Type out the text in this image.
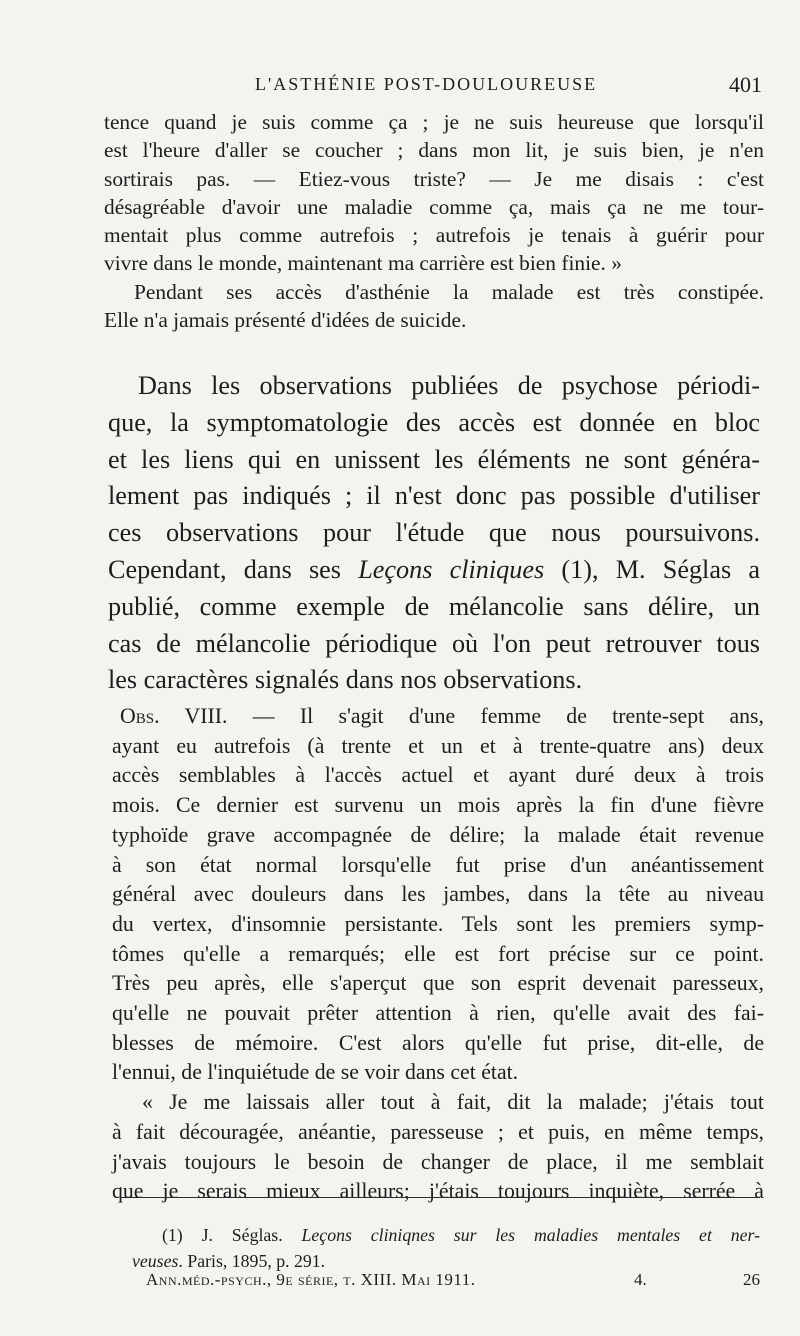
L'ASTHÉNIE POST-DOULOUREUSE	401
tence quand je suis comme ça ; je ne suis heureuse que lorsqu'il
est l'heure d'aller se coucher ; dans mon lit, je suis bien, je n'en
sortirais pas. — Etiez-vous triste? — Je me disais : c'est
désagréable d'avoir une maladie comme ça, mais ça ne me tour-
mentait plus comme autrefois ; autrefois je tenais à guérir pour
vivre dans le monde, maintenant ma carrière est bien finie. »
Pendant ses accès d'asthénie la malade est très constipée.
Elle n'a jamais présenté d'idées de suicide.
Dans les observations publiées de psychose périodi-
que, la symptomatologie des accès est donnée en bloc
et les liens qui en unissent les éléments ne sont généra-
lement pas indiqués ; il n'est donc pas possible d'utiliser
ces observations pour l'étude que nous poursuivons.
Cependant, dans ses Leçons cliniques (1), M. Séglas a
publié, comme exemple de mélancolie sans délire, un
cas de mélancolie périodique où l'on peut retrouver tous
les caractères signalés dans nos observations.
Obs. VIII. — Il s'agit d'une femme de trente-sept ans,
ayant eu autrefois (à trente et un et à trente-quatre ans) deux
accès semblables à l'accès actuel et ayant duré deux à trois
mois. Ce dernier est survenu un mois après la fin d'une fièvre
typhoïde grave accompagnée de délire; la malade était revenue
à son état normal lorsqu'elle fut prise d'un anéantissement
général avec douleurs dans les jambes, dans la tête au niveau
du vertex, d'insomnie persistante. Tels sont les premiers symp-
tômes qu'elle a remarqués; elle est fort précise sur ce point.
Très peu après, elle s'aperçut que son esprit devenait paresseux,
qu'elle ne pouvait prêter attention à rien, qu'elle avait des fai-
blesses de mémoire. C'est alors qu'elle fut prise, dit-elle, de
l'ennui, de l'inquiétude de se voir dans cet état.
« Je me laissais aller tout à fait, dit la malade; j'étais tout
à fait découragée, anéantie, paresseuse ; et puis, en même temps,
j'avais toujours le besoin de changer de place, il me semblait
que je serais mieux ailleurs; j'étais toujours inquiète, serrée à
(1) J. Séglas. Leçons cliniqnes sur les maladies mentales et ner-
veuses. Paris, 1895, p. 291.
Ann.méd.-psych., 9e série, t. XIII. Mai 1911.	4.	26
